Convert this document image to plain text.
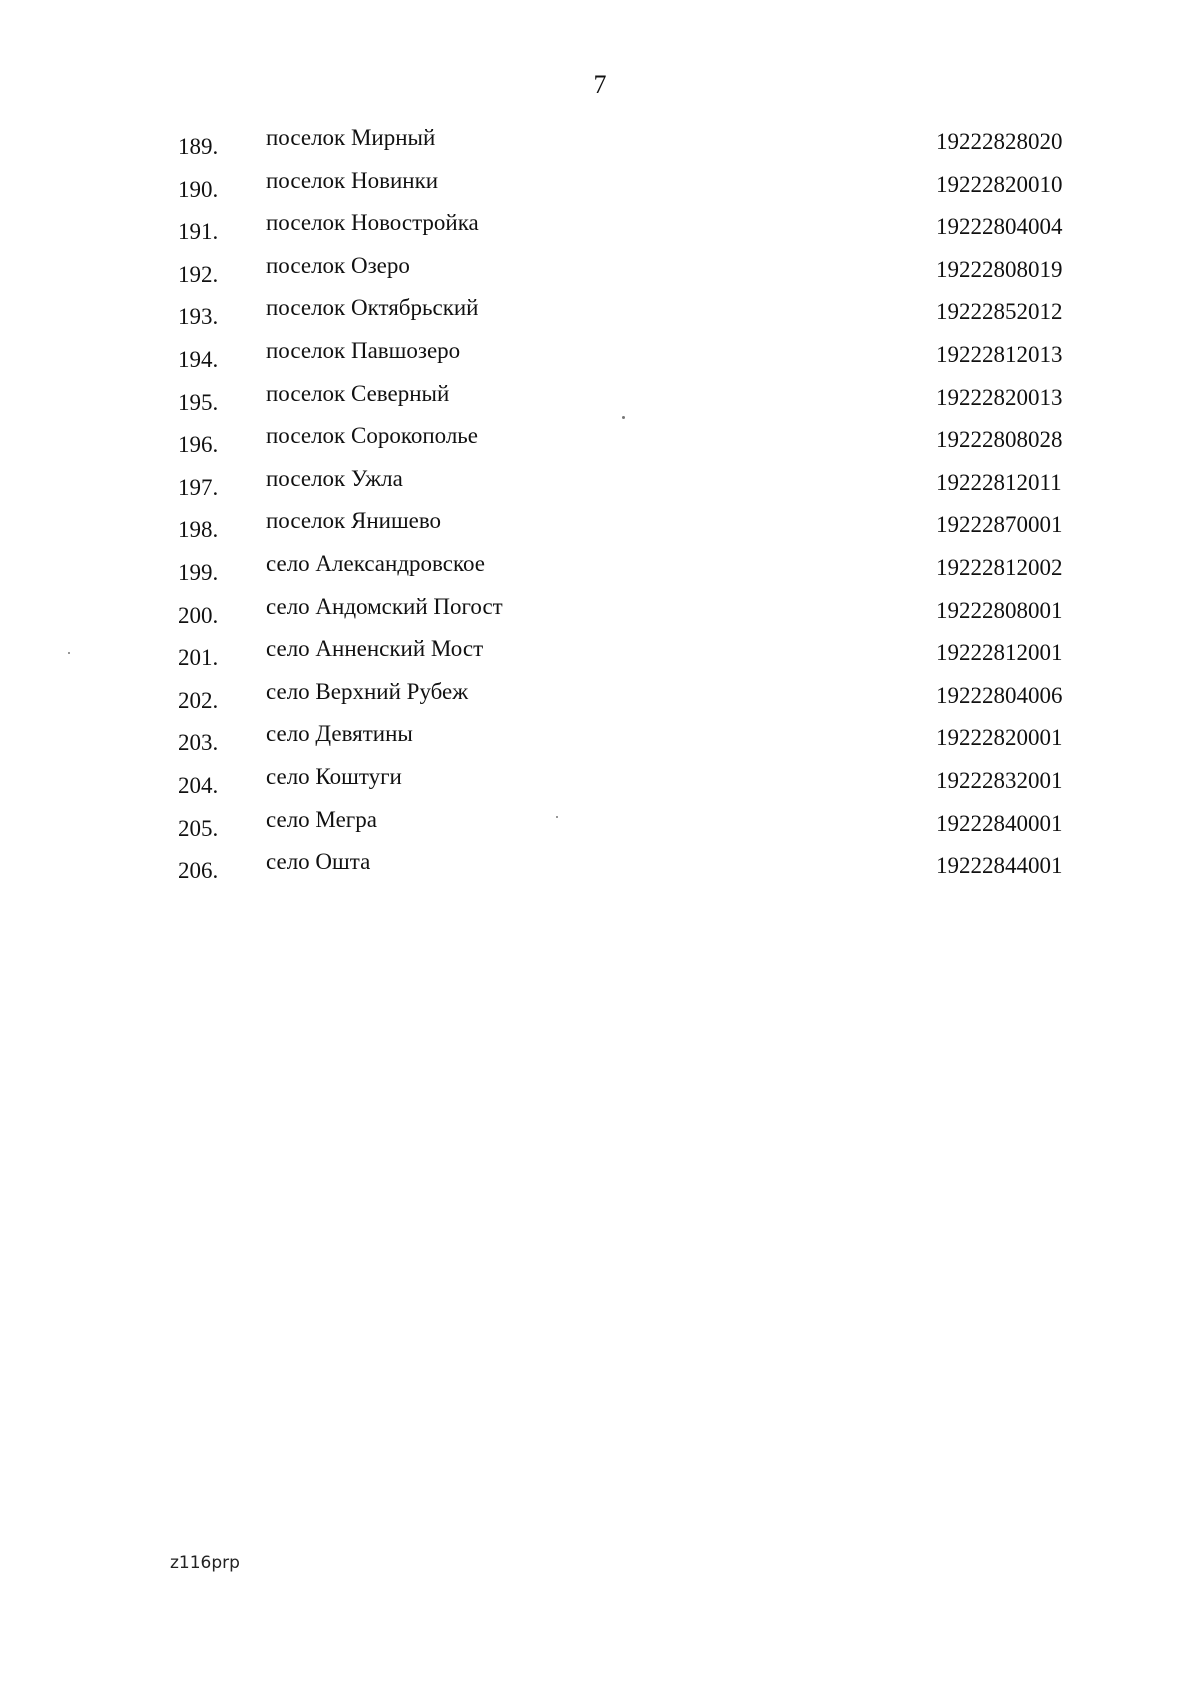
7
189. поселок Мирный	19222828020
190. поселок Новинки	19222820010
191. поселок Новостройка	19222804004
192. поселок Озеро	19222808019
193. поселок Октябрьский	19222852012
194. поселок Павшозеро	19222812013
195. поселок Северный	19222820013
196. поселок Сорокополье	19222808028
197. поселок Ужла	19222812011
198. поселок Янишево	19222870001
199. село Александровское	19222812002
200. село Андомский Погост	19222808001
201. село Анненский Мост	19222812001
202. село Верхний Рубеж	19222804006
203. село Девятины	19222820001
204. село Коштуги	19222832001
205. село Мегра	19222840001
206. село Ошта	19222844001
z116prp
